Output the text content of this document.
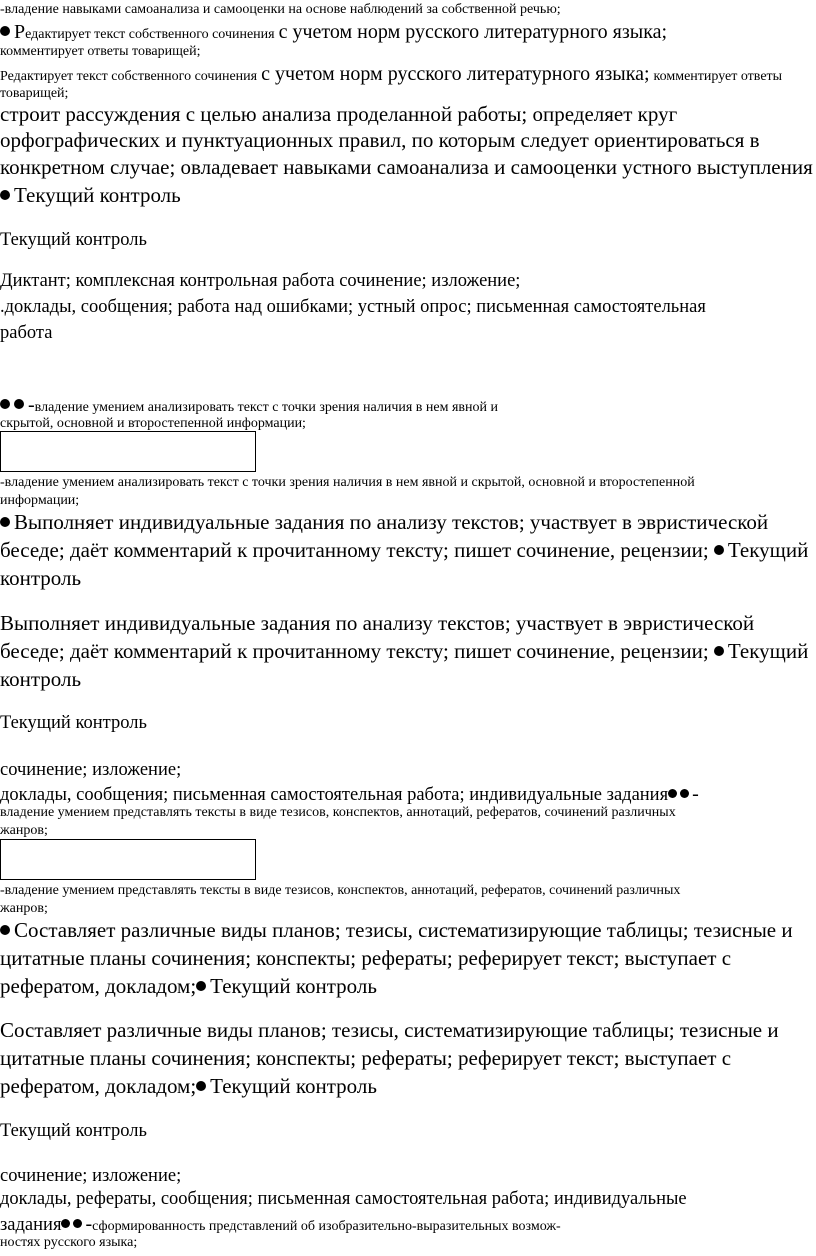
-владение навыками самоанализа и самооценки на основе наблюдений за собственной речью;
Редактирует текст собственного сочинения с учетом норм русского литературного языка;
комментирует ответы товарищей;
Редактирует текст собственного сочинения с учетом норм русского литературного языка; комментирует ответы
товарищей;
строит рассуждения с целью анализа проделанной работы; определяет круг
орфографических и пунктуационных правил, по которым следует ориентироваться в
конкретном случае; овладевает навыками самоанализа и самооценки устного выступления
Текущий контроль
Текущий контроль
Диктант; комплексная контрольная работа сочинение; изложение;
.доклады, сообщения; работа над ошибками; устный опрос; письменная самостоятельная
работа
-владение умением анализировать текст с точки зрения наличия в нем явной и
скрытой, основной и второстепенной информации;
-владение умением анализировать текст с точки зрения наличия в нем явной и скрытой, основной и второстепенной
информации;
Выполняет индивидуальные задания по анализу текстов; участвует в эвристической
беседе; даёт комментарий к прочитанному тексту; пишет сочинение, рецензии; Текущий
контроль
Выполняет индивидуальные задания по анализу текстов; участвует в эвристической
беседе; даёт комментарий к прочитанному тексту; пишет сочинение, рецензии; Текущий
контроль
Текущий контроль
сочинение; изложение;
доклады, сообщения; письменная самостоятельная работа; индивидуальные задания -
владение умением представлять тексты в виде тезисов, конспектов, аннотаций, рефератов, сочинений различных
жанров;
-владение умением представлять тексты в виде тезисов, конспектов, аннотаций, рефератов, сочинений различных
жанров;
Составляет различные виды планов; тезисы, систематизирующие таблицы; тезисные и
цитатные планы сочинения; конспекты; рефераты; реферирует текст; выступает с
рефератом, докладом; Текущий контроль
Составляет различные виды планов; тезисы, систематизирующие таблицы; тезисные и
цитатные планы сочинения; конспекты; рефераты; реферирует текст; выступает с
рефератом, докладом; Текущий контроль
Текущий контроль
сочинение; изложение;
доклады, рефераты, сообщения; письменная самостоятельная работа; индивидуальные
задания -сформированность представлений об изобразительно-выразительных возмож-
ностях русского языка;
